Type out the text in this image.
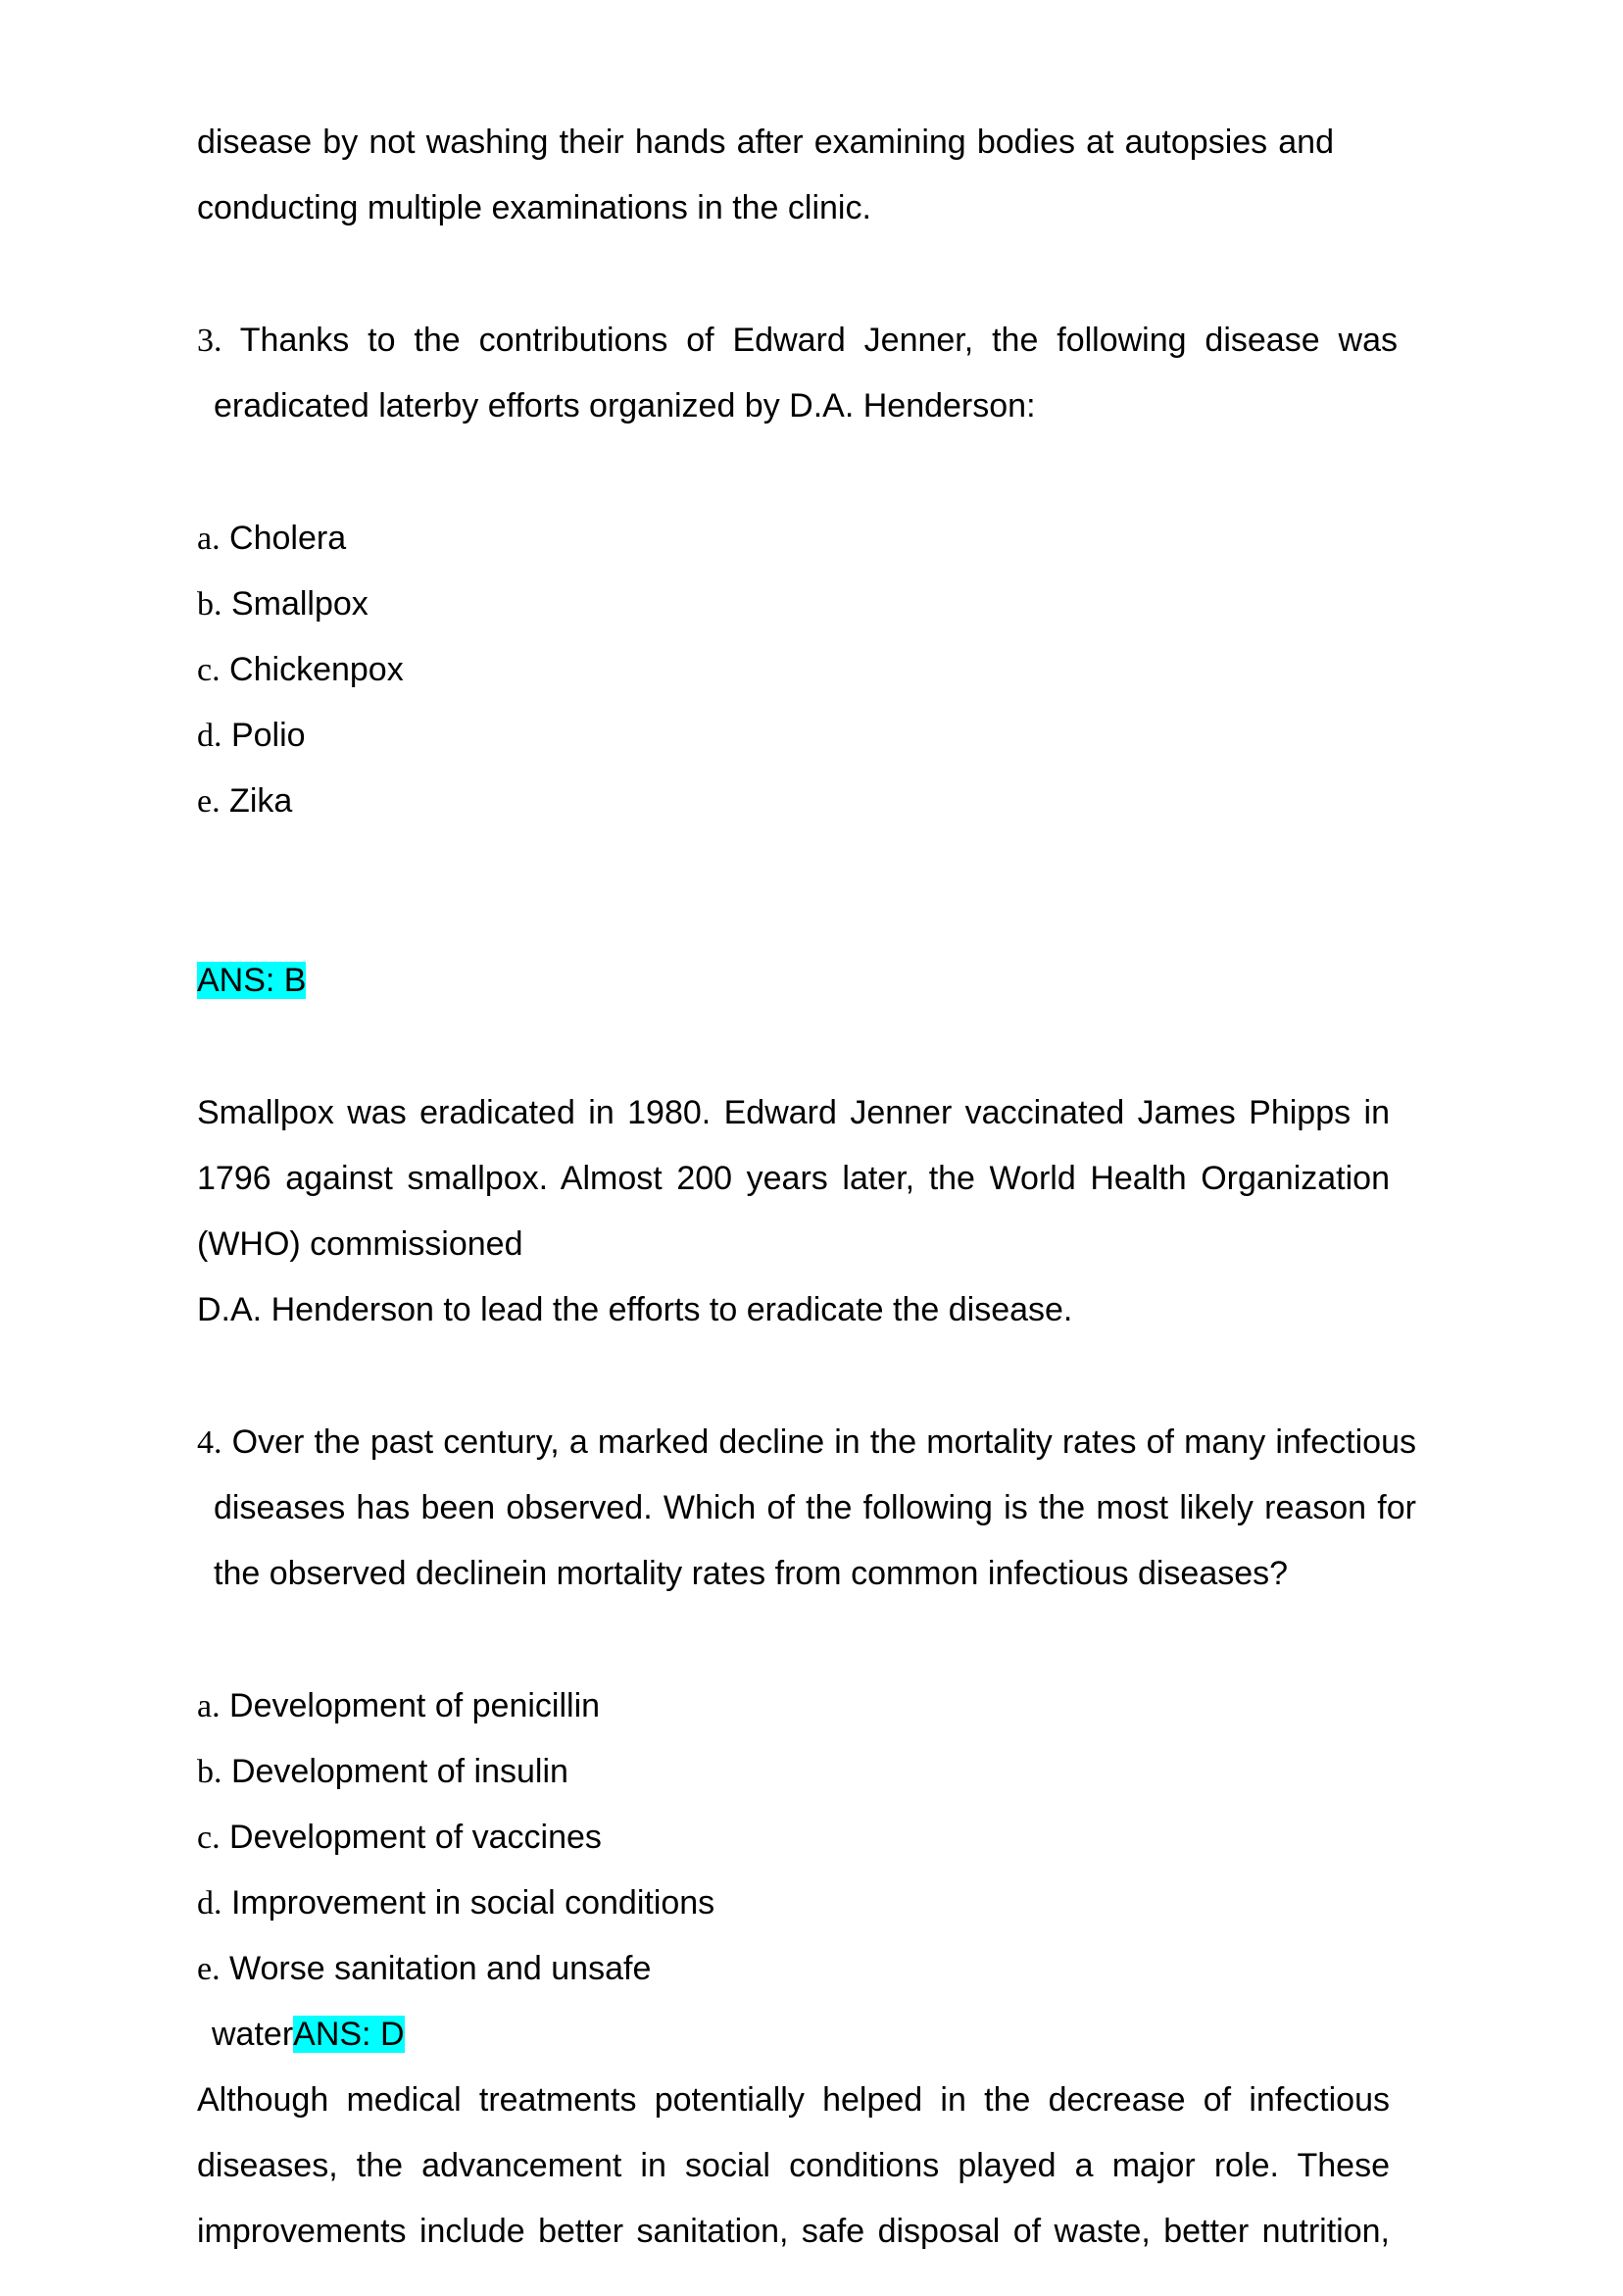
disease by not washing their hands after examining bodies at autopsies and
conducting multiple examinations in the clinic.
3. Thanks to the contributions of Edward Jenner, the following disease was
eradicated laterby efforts organized by D.A. Henderson:
a. Cholera
b. Smallpox
c. Chickenpox
d. Polio
e. Zika
ANS: B
Smallpox was eradicated in 1980. Edward Jenner vaccinated James Phipps in
1796 against smallpox. Almost 200 years later, the World Health Organization
(WHO) commissioned
D.A. Henderson to lead the efforts to eradicate the disease.
4. Over the past century, a marked decline in the mortality rates of many infectious
diseases has been observed. Which of the following is the most likely reason for
the observed declinein mortality rates from common infectious diseases?
a. Development of penicillin
b. Development of insulin
c. Development of vaccines
d. Improvement in social conditions
e. Worse sanitation and unsafe
waterANS: D
Although medical treatments potentially helped in the decrease of infectious
diseases, the advancement in social conditions played a major role. These
improvements include better sanitation, safe disposal of waste, better nutrition,
